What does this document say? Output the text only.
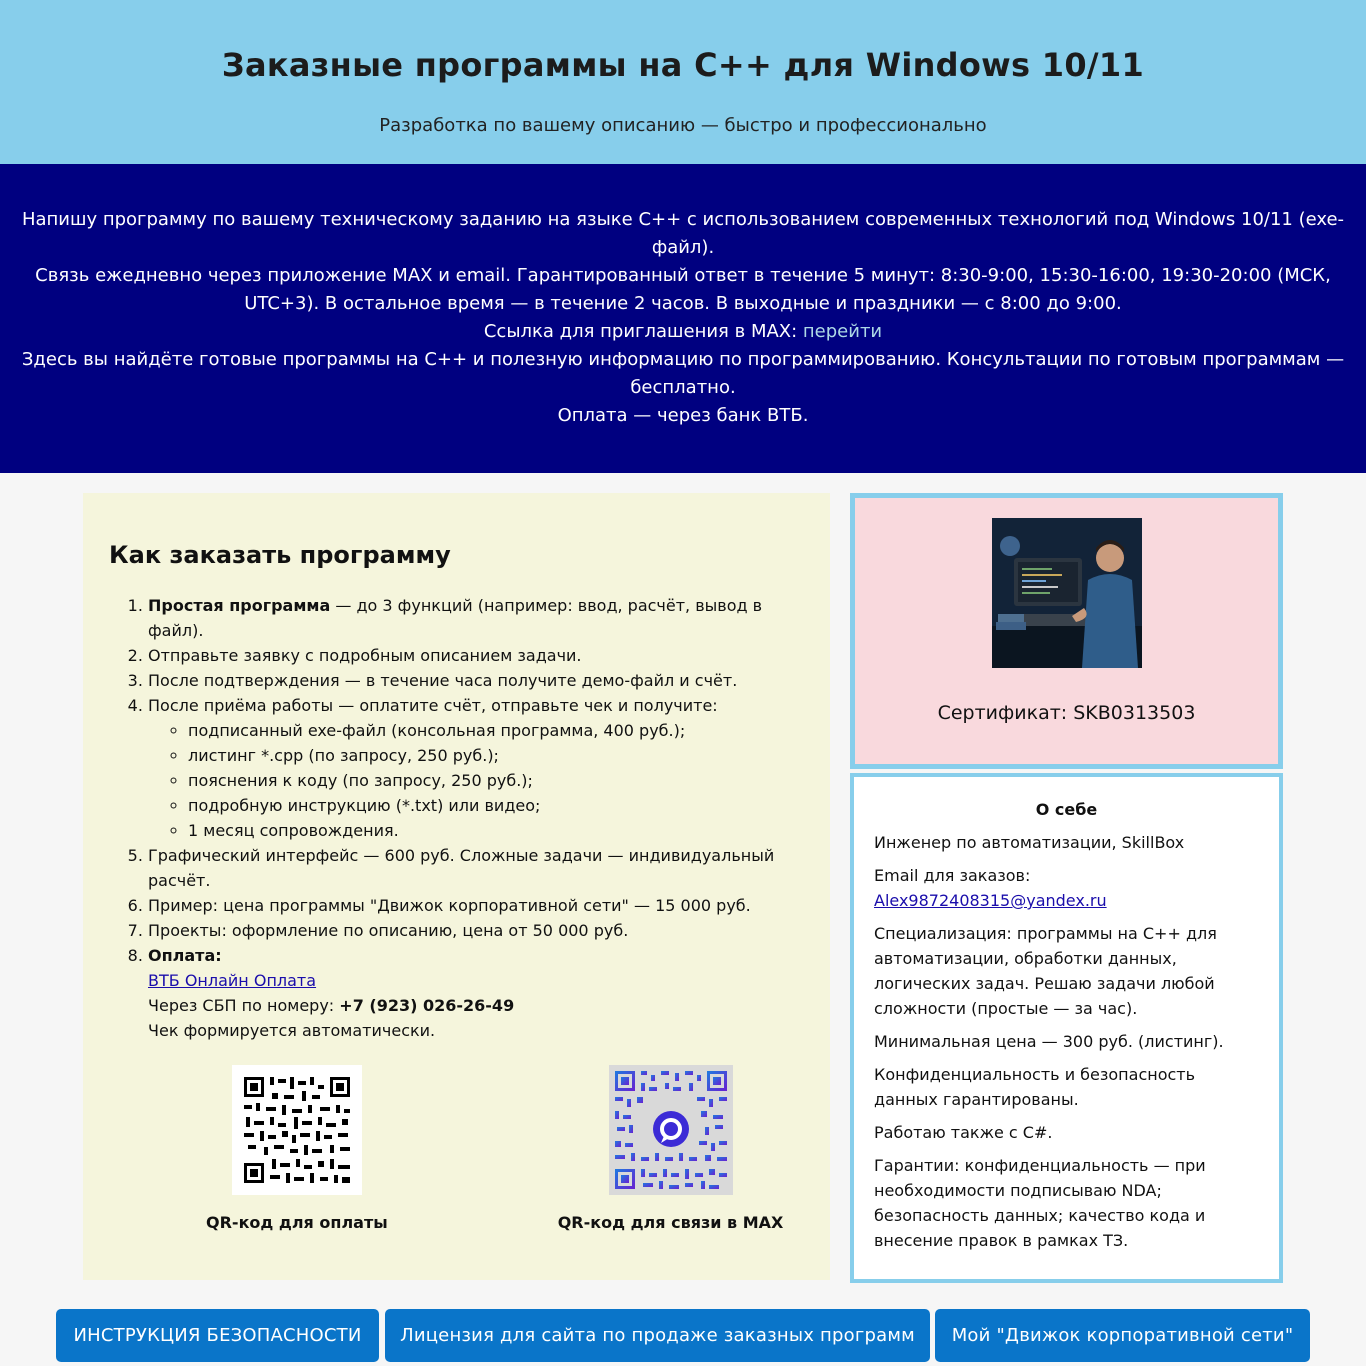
Заказные программы на C++ для Windows 10/11
Разработка по вашему описанию — быстро и профессионально

Напишу программу по вашему техническому заданию на языке C++ с использованием современных технологий под Windows 10/11 (exe-файл).

Связь ежедневно через приложение MAX и email. Гарантированный ответ в течение 5 минут: 8:30-9:00, 15:30-16:00, 19:30-20:00 (МСК, UTC+3). В остальное время — в течение 2 часов. В выходные и праздники — с 8:00 до 9:00.

Ссылка для приглашения в MAX: перейти

Здесь вы найдёте готовые программы на C++ и полезную информацию по программированию. Консультации по готовым программам — бесплатно.

Оплата — через банк ВТБ.

Как заказать программу
1. Простая программа — до 3 функций (например: ввод, расчёт, вывод в файл).
2. Отправьте заявку с подробным описанием задачи.
3. После подтверждения — в течение часа получите демо-файл и счёт.
4. После приёма работы — оплатите счёт, отправьте чек и получите:
◦ подписанный exe-файл (консольная программа, 400 руб.);
◦ листинг *.cpp (по запросу, 250 руб.);
◦ пояснения к коду (по запросу, 250 руб.);
◦ подробную инструкцию (*.txt) или видео;
◦ 1 месяц сопровождения.
5. Графический интерфейс — 600 руб. Сложные задачи — индивидуальный расчёт.
6. Пример: цена программы "Движок корпоративной сети" — 15 000 руб.
7. Проекты: оформление по описанию, цена от 50 000 руб.
8. Оплата:
ВТБ Онлайн Оплата
Через СБП по номеру: +7 (923) 026-26-49
Чек формируется автоматически.
QR-код для оплаты	QR-код для связи в MAX
Сертификат: SKB0313503
О себе

Инженер по автоматизации, SkillBox

Email для заказов:
Alex9872408315@yandex.ru

Специализация: программы на C++ для автоматизации, обработки данных, логических задач. Решаю задачи любой сложности (простые — за час).

Минимальная цена — 300 руб. (листинг).

Конфиденциальность и безопасность данных гарантированы.

Работаю также с C#.

Гарантии: конфиденциальность — при необходимости подписываю NDA; безопасность данных; качество кода и внесение правок в рамках ТЗ.

ИНСТРУКЦИЯ БЕЗОПАСНОСТИ	Лицензия для сайта по продаже заказных программ	Мой "Движок корпоративной сети"
